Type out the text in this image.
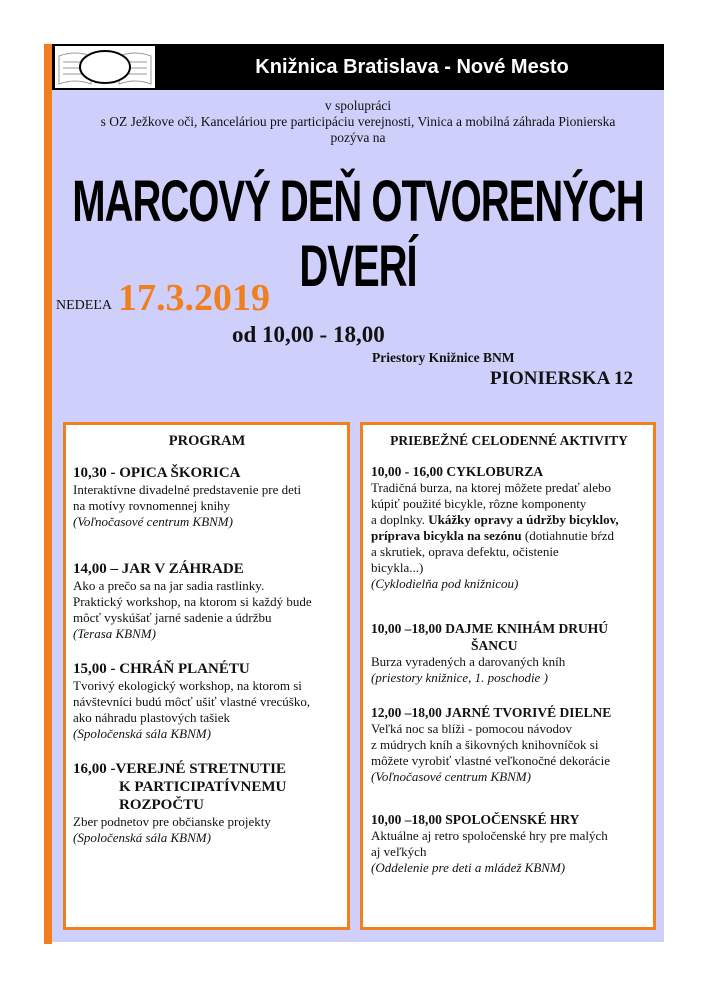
Knižnica Bratislava - Nové Mesto
v spolupráci
s OZ Ježkove oči, Kanceláriou pre participáciu verejnosti, Vinica a mobilná záhrada Pionierska
pozýva na
MARCOVÝ DEŇ OTVORENÝCH DVERÍ
NEDEĽA 17.3.2019
od 10,00 - 18,00
Priestory Knižnice BNM
PIONIERSKA 12
PROGRAM
10,30 - OPICA ŠKORICA
Interaktívne divadelné predstavenie pre deti
na motívy rovnomennej knihy
(Voľnočasové centrum KBNM)
14,00 – JAR V ZÁHRADE
Ako a prečo sa na jar sadia rastlinky.
Praktický workshop, na ktorom si každý bude
môcť vyskúšať jarné sadenie a údržbu
(Terasa KBNM)
15,00 - CHRÁŇ PLANÉTU
Tvorivý ekologický workshop, na ktorom si
návštevníci budú môcť ušiť vlastné vrecúško,
ako náhradu plastových tašiek
(Spoločenská sála KBNM)
16,00 -VEREJNÉ STRETNUTIE
K PARTICIPATÍVNEMU
ROZPOČTU
Zber podnetov pre občianske projekty
(Spoločenská sála KBNM)
PRIEBEŽNÉ CELODENNÉ AKTIVITY
10,00 - 16,00 CYKLOBURZA
Tradičná burza, na ktorej môžete predať alebo
kúpiť použité bicykle, rôzne komponenty
a doplnky. Ukážky opravy a údržby bicyklov,
príprava bicykla na sezónu (dotiahnutie bŕzd
a skrutiek, oprava defektu, očistenie
bicykla...)
(Cyklodielňa pod knižnicou)
10,00 –18,00 DAJME KNIHÁM DRUHÚ
ŠANCU
Burza vyradených a darovaných kníh
(priestory knižnice, 1. poschodie )
12,00 –18,00 JARNÉ TVORIVÉ DIELNE
Veľká noc sa blíži - pomocou návodov
z múdrych kníh a šikovných knihovníčok si
môžete vyrobiť vlastné veľkonočné dekorácie
(Voľnočasové centrum KBNM)
10,00 –18,00 SPOLOČENSKÉ HRY
Aktuálne aj retro spoločenské hry pre malých
aj veľkých
(Oddelenie pre deti a mládež KBNM)
